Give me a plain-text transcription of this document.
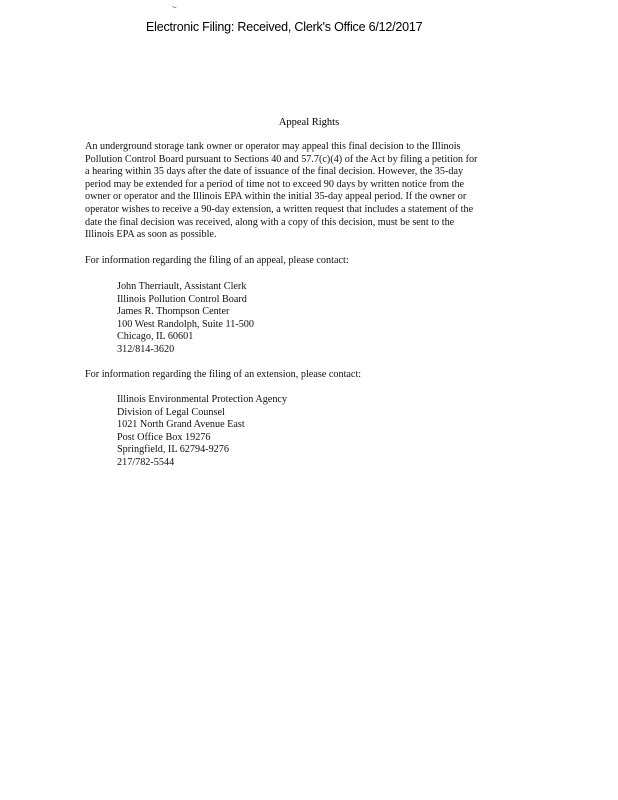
~
Electronic Filing: Received, Clerk's Office 6/12/2017
Appeal Rights
An underground storage tank owner or operator may appeal this final decision to the Illinois
Pollution Control Board pursuant to Sections 40 and 57.7(c)(4) of the Act by filing a petition for
a hearing within 35 days after the date of issuance of the final decision. However, the 35-day
period may be extended for a period of time not to exceed 90 days by written notice from the
owner or operator and the Illinois EPA within the initial 35-day appeal period. If the owner or
operator wishes to receive a 90-day extension, a written request that includes a statement of the
date the final decision was received, along with a copy of this decision, must be sent to the
Illinois EPA as soon as possible.
For information regarding the filing of an appeal, please contact:
John Therriault, Assistant Clerk
Illinois Pollution Control Board
James R. Thompson Center
100 West Randolph, Suite 11-500
Chicago, IL 60601
312/814-3620
For information regarding the filing of an extension, please contact:
Illinois Environmental Protection Agency
Division of Legal Counsel
1021 North Grand Avenue East
Post Office Box 19276
Springfield, IL 62794-9276
217/782-5544
